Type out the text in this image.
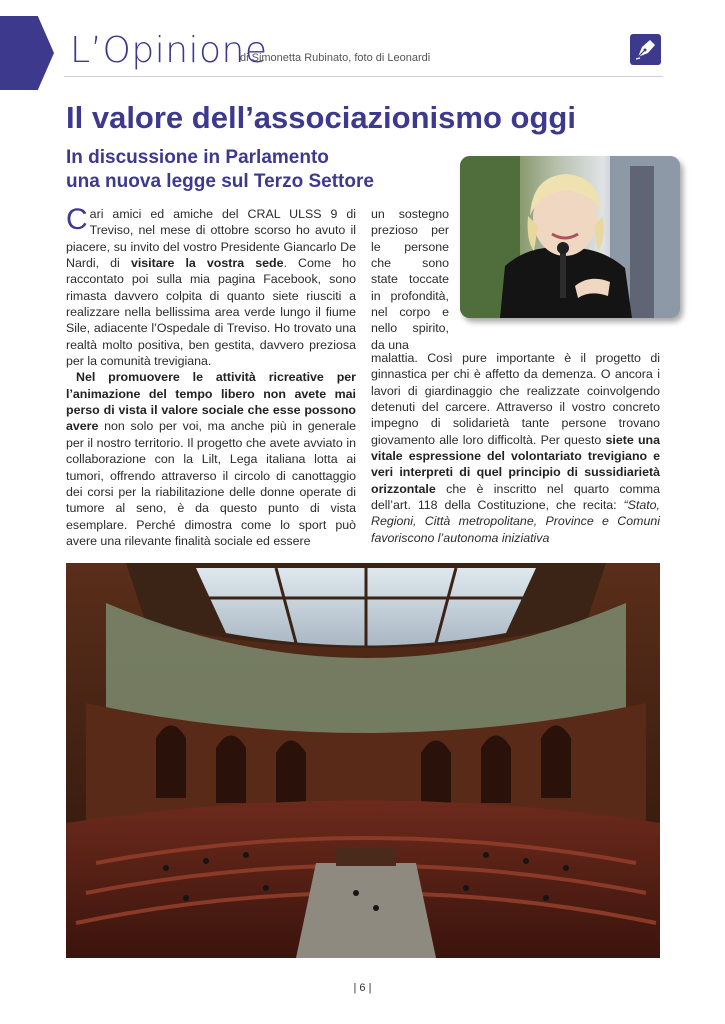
L’Opinione
di Simonetta Rubinato, foto di Leonardi
Il valore dell’associazionismo oggi
In discussione in Parlamento
una nuova legge sul Terzo Settore
Cari amici ed amiche del CRAL ULSS 9 di Treviso, nel mese di ottobre scorso ho avuto il piacere, su invito del vostro Presidente Giancarlo De Nardi, di visitare la vostra sede. Come ho raccontato poi sulla mia pagina Facebook, sono rimasta davvero colpita di quanto siete riusciti a realizzare nella bellissima area verde lungo il fiume Sile, adiacente l’Ospedale di Treviso. Ho trovato una realtà molto positiva, ben gestita, davvero preziosa per la comunità trevigiana.
Nel promuovere le attività ricreative per l’animazione del tempo libero non avete mai perso di vista il valore sociale che esse possono avere non solo per voi, ma anche più in generale per il nostro territorio. Il progetto che avete avviato in collaborazione con la Lilt, Lega italiana lotta ai tumori, offrendo attraverso il circolo di canottaggio dei corsi per la riabilitazione delle donne operate di tumore al seno, è da questo punto di vista esemplare. Perché dimostra come lo sport può avere una rilevante finalità sociale ed essere
un sostegno prezioso per le persone che sono state toccate in profondità, nel corpo e nello spirito, da una
malattia. Così pure importante è il progetto di ginnastica per chi è affetto da demenza. O ancora i lavori di giardinaggio che realizzate coinvolgendo detenuti del carcere. Attraverso il vostro concreto impegno di solidarietà tante persone trovano giovamento alle loro difficoltà. Per questo siete una vitale espressione del volontariato trevigiano e veri interpreti di quel principio di sussidiarietà orizzontale che è inscritto nel quarto comma dell’art. 118 della Costituzione, che recita: “Stato, Regioni, Città metropolitane, Province e Comuni favoriscono l’autonoma iniziativa
| 6 |
